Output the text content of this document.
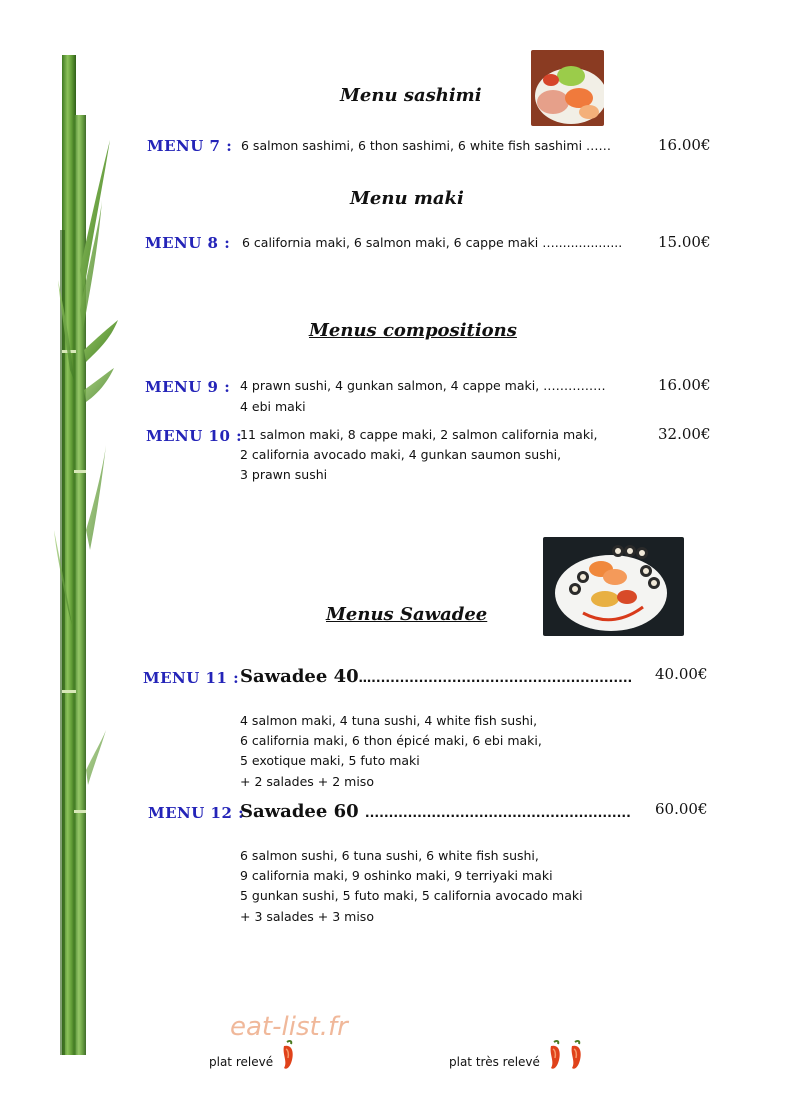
Menu sashimi
Menu maki
Menus compositions
Menus Sawadee
MENU 7 : 6 salmon sashimi, 6 thon sashimi, 6 white fish sashimi ……	16.00€
MENU 8 : 6 california maki, 6 salmon maki, 6 cappe maki …................. 15.00€
MENU 9 : 4 prawn sushi, 4 gunkan salmon, 4 cappe maki, ……………
4 ebi maki
16.00€
MENU 10 :
11 salmon maki, 8 cappe maki, 2 salmon california maki,
2 california avocado maki, 4 gunkan saumon sushi,
3 prawn sushi
32.00€
MENU 11 : Sawadee 40…....................................................... 40.00€
4 salmon maki, 4 tuna sushi, 4 white fish sushi,
6 california maki, 6 thon épicé maki, 6 ebi maki,
5 exotique maki, 5 futo maki
+ 2 salades + 2 miso
MENU 12 :
Sawadee 60 ........................................................ 60.00€
6 salmon sushi, 6 tuna sushi, 6 white fish sushi,
9 california maki, 9 oshinko maki, 9 terriyaki maki
5 gunkan sushi, 5 futo maki, 5 california avocado maki
+ 3 salades + 3 miso
eat-list.fr
plat relevé	plat très relevé
